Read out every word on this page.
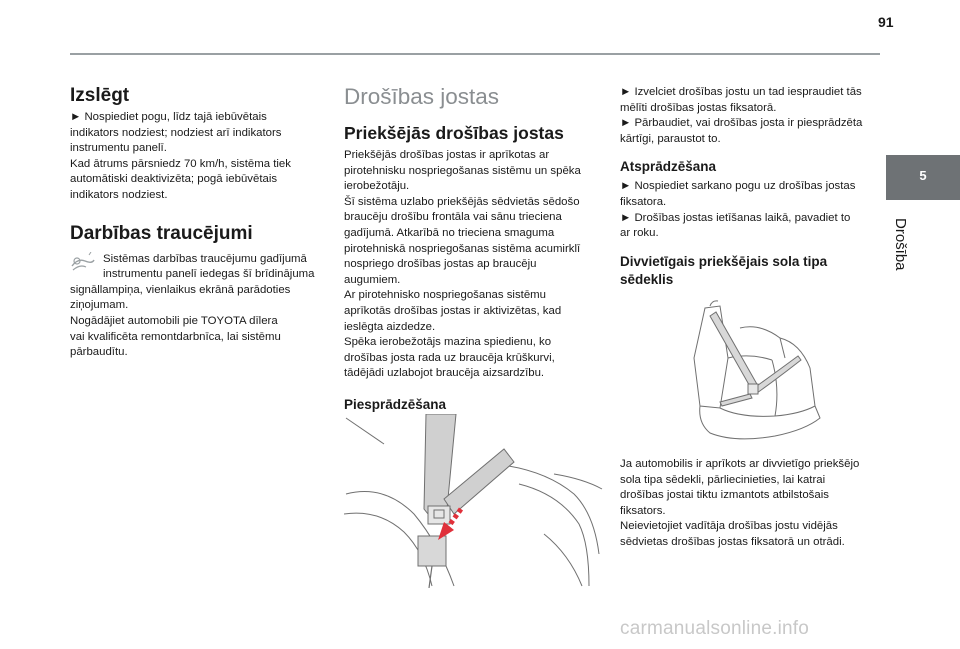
91
5
Drošība
Izslēgt

► Nospiediet pogu, līdz tajā iebūvētais

indikators nodziest; nodziest arī indikators

instrumentu panelī.

Kad ātrums pārsniedz 70 km/h, sistēma tiek

automātiski deaktivizēta; pogā iebūvētais

indikators nodziest.

Darbības traucējumi

Sistēmas darbības traucējumu gadījumā

instrumentu panelī iedegas šī brīdinājuma

signāllampiņa, vienlaikus ekrānā parādoties

ziņojumam.

Nogādājiet automobili pie TOYOTA dīlera

vai kvalificēta remontdarbnīca, lai sistēmu

pārbaudītu.

Drošības jostas
Priekšējās drošības jostas

Priekšējās drošības jostas ir aprīkotas ar

pirotehnisku nospriegošanas sistēmu un spēka

ierobežotāju.

Šī sistēma uzlabo priekšējās sēdvietās sēdošo

braucēju drošību frontāla vai sānu trieciena

gadījumā. Atkarībā no trieciena smaguma

pirotehniskā nospriegošanas sistēma acumirklī

nospriego drošības jostas ap braucēju

augumiem.

Ar pirotehnisko nospriegošanas sistēmu

aprīkotās drošības jostas ir aktivizētas, kad

ieslēgta aizdedze.

Spēka ierobežotājs mazina spiedienu, ko

drošības josta rada uz braucēja krūškurvi,

tādējādi uzlabojot braucēja aizsardzību.

Piesprādzēšana

► Izvelciet drošības jostu un tad iespraudiet tās

mēlīti drošības jostas fiksatorā.

► Pārbaudiet, vai drošības josta ir piesprādzēta

kārtīgi, paraustot to.

Atsprādzēšana

► Nospiediet sarkano pogu uz drošības jostas

fiksatora.

► Drošības jostas ietīšanas laikā, pavadiet to

ar roku.

Divvietīgais priekšējais sola tipa
sēdeklis

Ja automobilis ir aprīkots ar divvietīgo priekšējo

sola tipa sēdekli, pārliecinieties, lai katrai

drošības jostai tiktu izmantots atbilstošais

fiksators.

Neievietojiet vadītāja drošības jostu vidējās

sēdvietas drošības jostas fiksatorā un otrādi.

carmanualsonline.info
